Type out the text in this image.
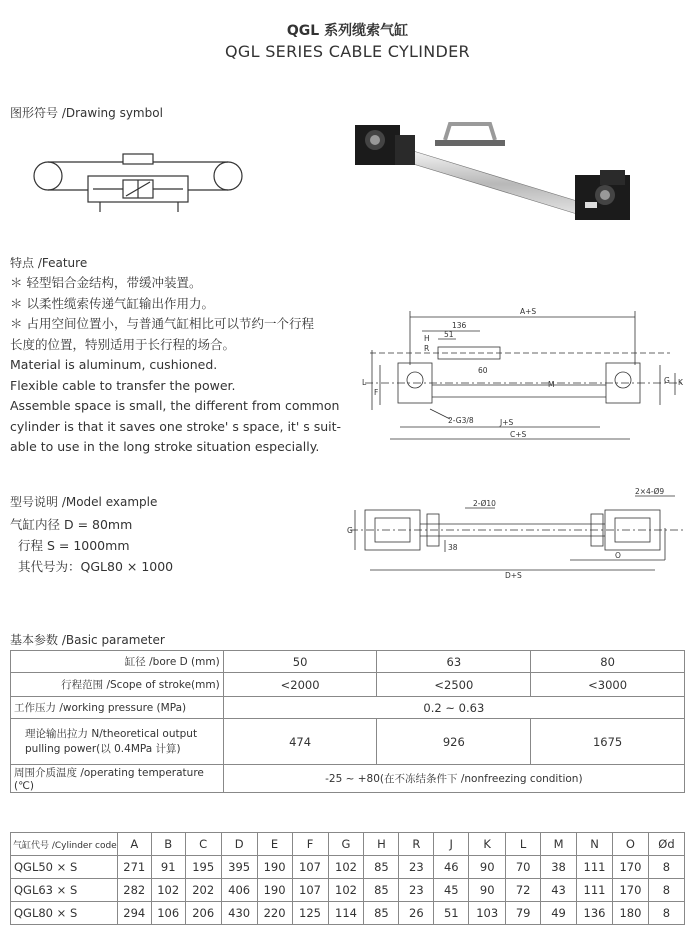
QGL 系列缆索气缸
QGL SERIES CABLE CYLINDER
图形符号 /Drawing symbol
特点 /Feature
＊ 轻型铝合金结构，带缓冲装置。
＊ 以柔性缆索传递气缸输出作用力。
＊ 占用空间位置小，与普通气缸相比可以节约一个行程
长度的位置，特别适用于长行程的场合。
Material is aluminum, cushioned.
Flexible cable to transfer the power.
Assemble space is small, the different from common
cylinder is that it saves one stroke' s space, it' s suit-
able to use in the long stroke situation especially.
A+S
136
51
H
R
60
M
L
F
G K
2-G3/8	J+S
C+S
型号说明 /Model example
气缸内径 D = 80mm
行程 S = 1000mm
其代号为：QGL80 × 1000
2×4-Ø9
2-Ø10
G
38
O
D+S
基本参数 /Basic parameter
缸径 /bore D (mm)	50	63	80
行程范围 /Scope of stroke(mm)	<2000	<2500	<3000
工作压力 /working pressure (MPa)	0.2 ~ 0.63		
理论输出拉力 N/theoretical output pulling power(以 0.4MPa 计算)	474	926	1675
周围介质温度 /operating temperature (℃)	-25 ~ +80(在不冻结条件下 /nonfreezing condition)		
气缸代号 /Cylinder code	A	B	C	D	E	F	G	H	R	J	K	L	M	N	O	Ød
QGL50 × S	271	91	195	395	190	107	102	85	23	46	90	70	38	111	170	8
QGL63 × S	282	102	202	406	190	107	102	85	23	45	90	72	43	111	170	8
QGL80 × S	294	106	206	430	220	125	114	85	26	51	103	79	49	136	180	8
